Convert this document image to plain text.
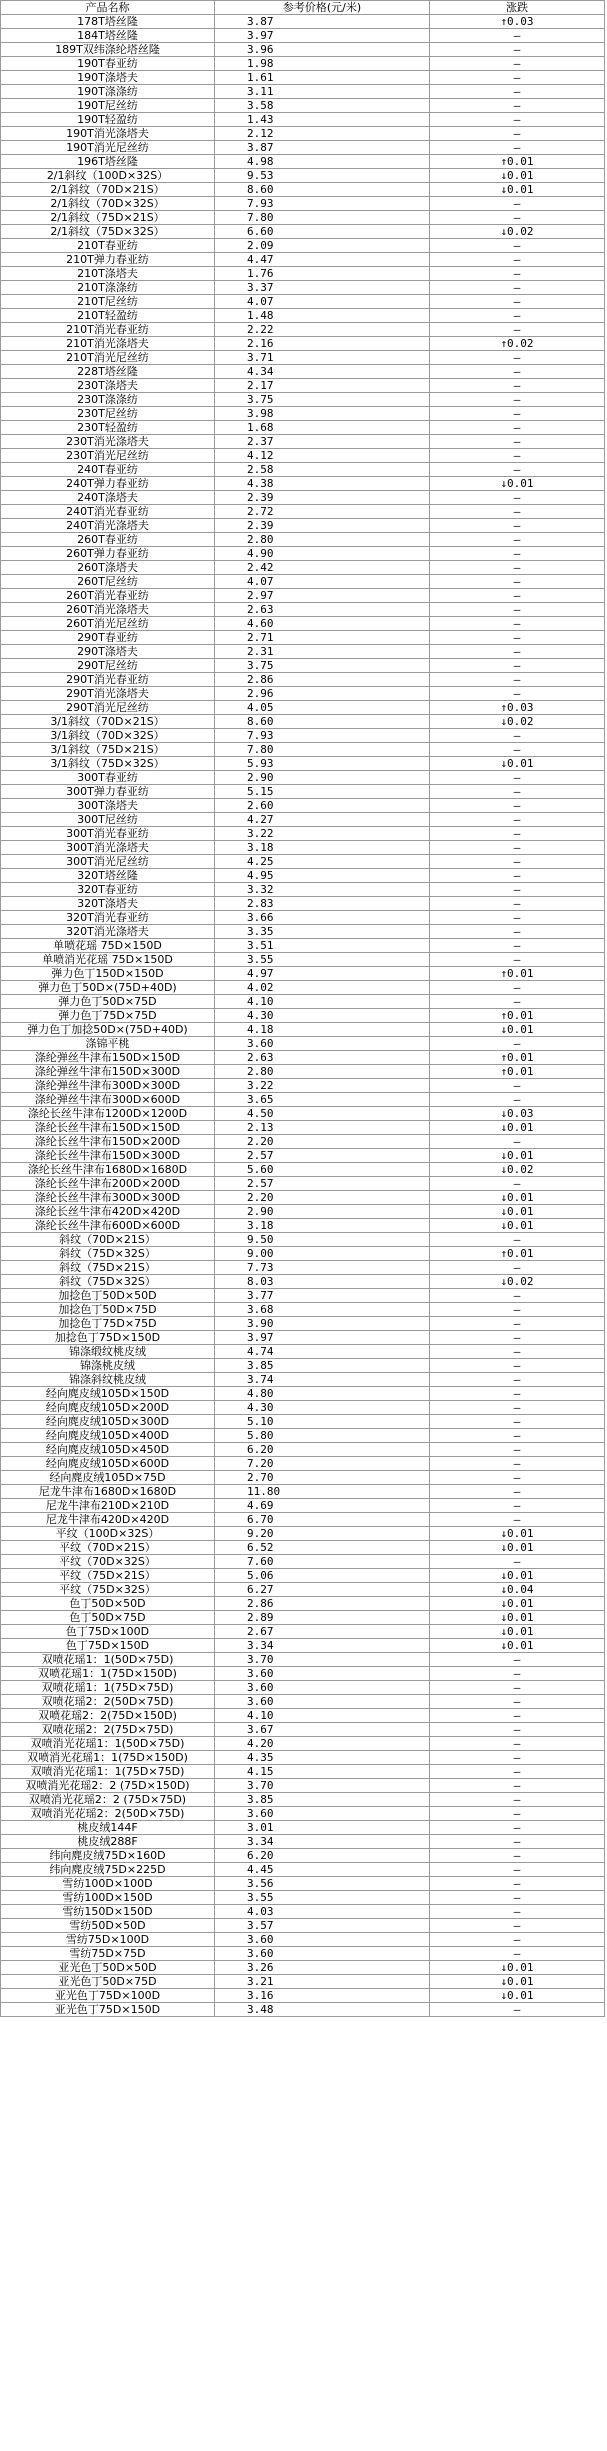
产品名称	参考价格(元/米)	涨跌
178T塔丝隆	3.87	↑0.03
184T塔丝隆	3.97	—
189T双纬涤纶塔丝隆	3.96	—
190T春亚纺	1.98	—
190T涤塔夫	1.61	—
190T涤涤纺	3.11	—
190T尼丝纺	3.58	—
190T轻盈纺	1.43	—
190T消光涤塔夫	2.12	—
190T消光尼丝纺	3.87	—
196T塔丝隆	4.98	↑0.01
2/1斜纹（100D×32S）	9.53	↓0.01
2/1斜纹（70D×21S）	8.60	↓0.01
2/1斜纹（70D×32S）	7.93	—
2/1斜纹（75D×21S）	7.80	—
2/1斜纹（75D×32S）	6.60	↓0.02
210T春亚纺	2.09	—
210T弹力春亚纺	4.47	—
210T涤塔夫	1.76	—
210T涤涤纺	3.37	—
210T尼丝纺	4.07	—
210T轻盈纺	1.48	—
210T消光春亚纺	2.22	—
210T消光涤塔夫	2.16	↑0.02
210T消光尼丝纺	3.71	—
228T塔丝隆	4.34	—
230T涤塔夫	2.17	—
230T涤涤纺	3.75	—
230T尼丝纺	3.98	—
230T轻盈纺	1.68	—
230T消光涤塔夫	2.37	—
230T消光尼丝纺	4.12	—
240T春亚纺	2.58	—
240T弹力春亚纺	4.38	↓0.01
240T涤塔夫	2.39	—
240T消光春亚纺	2.72	—
240T消光涤塔夫	2.39	—
260T春亚纺	2.80	—
260T弹力春亚纺	4.90	—
260T涤塔夫	2.42	—
260T尼丝纺	4.07	—
260T消光春亚纺	2.97	—
260T消光涤塔夫	2.63	—
260T消光尼丝纺	4.60	—
290T春亚纺	2.71	—
290T涤塔夫	2.31	—
290T尼丝纺	3.75	—
290T消光春亚纺	2.86	—
290T消光涤塔夫	2.96	—
290T消光尼丝纺	4.05	↑0.03
3/1斜纹（70D×21S）	8.60	↓0.02
3/1斜纹（70D×32S）	7.93	—
3/1斜纹（75D×21S）	7.80	—
3/1斜纹（75D×32S）	5.93	↓0.01
300T春亚纺	2.90	—
300T弹力春亚纺	5.15	—
300T涤塔夫	2.60	—
300T尼丝纺	4.27	—
300T消光春亚纺	3.22	—
300T消光涤塔夫	3.18	—
300T消光尼丝纺	4.25	—
320T塔丝隆	4.95	—
320T春亚纺	3.32	—
320T涤塔夫	2.83	—
320T消光春亚纺	3.66	—
320T消光涤塔夫	3.35	—
单喷花瑶 75D×150D	3.51	—
单喷消光花瑶 75D×150D	3.55	—
弹力色丁150D×150D	4.97	↑0.01
弹力色丁50D×(75D+40D)	4.02	—
弹力色丁50D×75D	4.10	—
弹力色丁75D×75D	4.30	↑0.01
弹力色丁加捻50D×(75D+40D)	4.18	↓0.01
涤锦平桃	3.60	—
涤纶弹丝牛津布150D×150D	2.63	↑0.01
涤纶弹丝牛津布150D×300D	2.80	↑0.01
涤纶弹丝牛津布300D×300D	3.22	—
涤纶弹丝牛津布300D×600D	3.65	—
涤纶长丝牛津布1200D×1200D	4.50	↓0.03
涤纶长丝牛津布150D×150D	2.13	↓0.01
涤纶长丝牛津布150D×200D	2.20	—
涤纶长丝牛津布150D×300D	2.57	↓0.01
涤纶长丝牛津布1680D×1680D	5.60	↓0.02
涤纶长丝牛津布200D×200D	2.57	—
涤纶长丝牛津布300D×300D	2.20	↓0.01
涤纶长丝牛津布420D×420D	2.90	↓0.01
涤纶长丝牛津布600D×600D	3.18	↓0.01
斜纹（70D×21S）	9.50	—
斜纹（75D×32S）	9.00	↑0.01
斜纹（75D×21S）	7.73	—
斜纹（75D×32S）	8.03	↓0.02
加捻色丁50D×50D	3.77	—
加捻色丁50D×75D	3.68	—
加捻色丁75D×75D	3.90	—
加捻色丁75D×150D	3.97	—
锦涤缎纹桃皮绒	4.74	—
锦涤桃皮绒	3.85	—
锦涤斜纹桃皮绒	3.74	—
经向麂皮绒105D×150D	4.80	—
经向麂皮绒105D×200D	4.30	—
经向麂皮绒105D×300D	5.10	—
经向麂皮绒105D×400D	5.80	—
经向麂皮绒105D×450D	6.20	—
经向麂皮绒105D×600D	7.20	—
经向麂皮绒105D×75D	2.70	—
尼龙牛津布1680D×1680D	11.80	—
尼龙牛津布210D×210D	4.69	—
尼龙牛津布420D×420D	6.70	—
平纹（100D×32S）	9.20	↓0.01
平纹（70D×21S）	6.52	↓0.01
平纹（70D×32S）	7.60	—
平纹（75D×21S）	5.06	↓0.01
平纹（75D×32S）	6.27	↓0.04
色丁50D×50D	2.86	↓0.01
色丁50D×75D	2.89	↓0.01
色丁75D×100D	2.67	↓0.01
色丁75D×150D	3.34	↓0.01
双喷花瑶1：1(50D×75D)	3.70	—
双喷花瑶1：1(75D×150D)	3.60	—
双喷花瑶1：1(75D×75D)	3.60	—
双喷花瑶2：2(50D×75D)	3.60	—
双喷花瑶2：2(75D×150D)	4.10	—
双喷花瑶2：2(75D×75D)	3.67	—
双喷消光花瑶1：1(50D×75D)	4.20	—
双喷消光花瑶1：1(75D×150D)	4.35	—
双喷消光花瑶1：1(75D×75D)	4.15	—
双喷消光花瑶2：2 (75D×150D)	3.70	—
双喷消光花瑶2：2 (75D×75D)	3.85	—
双喷消光花瑶2：2(50D×75D)	3.60	—
桃皮绒144F	3.01	—
桃皮绒288F	3.34	—
纬向麂皮绒75D×160D	6.20	—
纬向麂皮绒75D×225D	4.45	—
雪纺100D×100D	3.56	—
雪纺100D×150D	3.55	—
雪纺150D×150D	4.03	—
雪纺50D×50D	3.57	—
雪纺75D×100D	3.60	—
雪纺75D×75D	3.60	—
亚光色丁50D×50D	3.26	↓0.01
亚光色丁50D×75D	3.21	↓0.01
亚光色丁75D×100D	3.16	↓0.01
亚光色丁75D×150D	3.48	—
